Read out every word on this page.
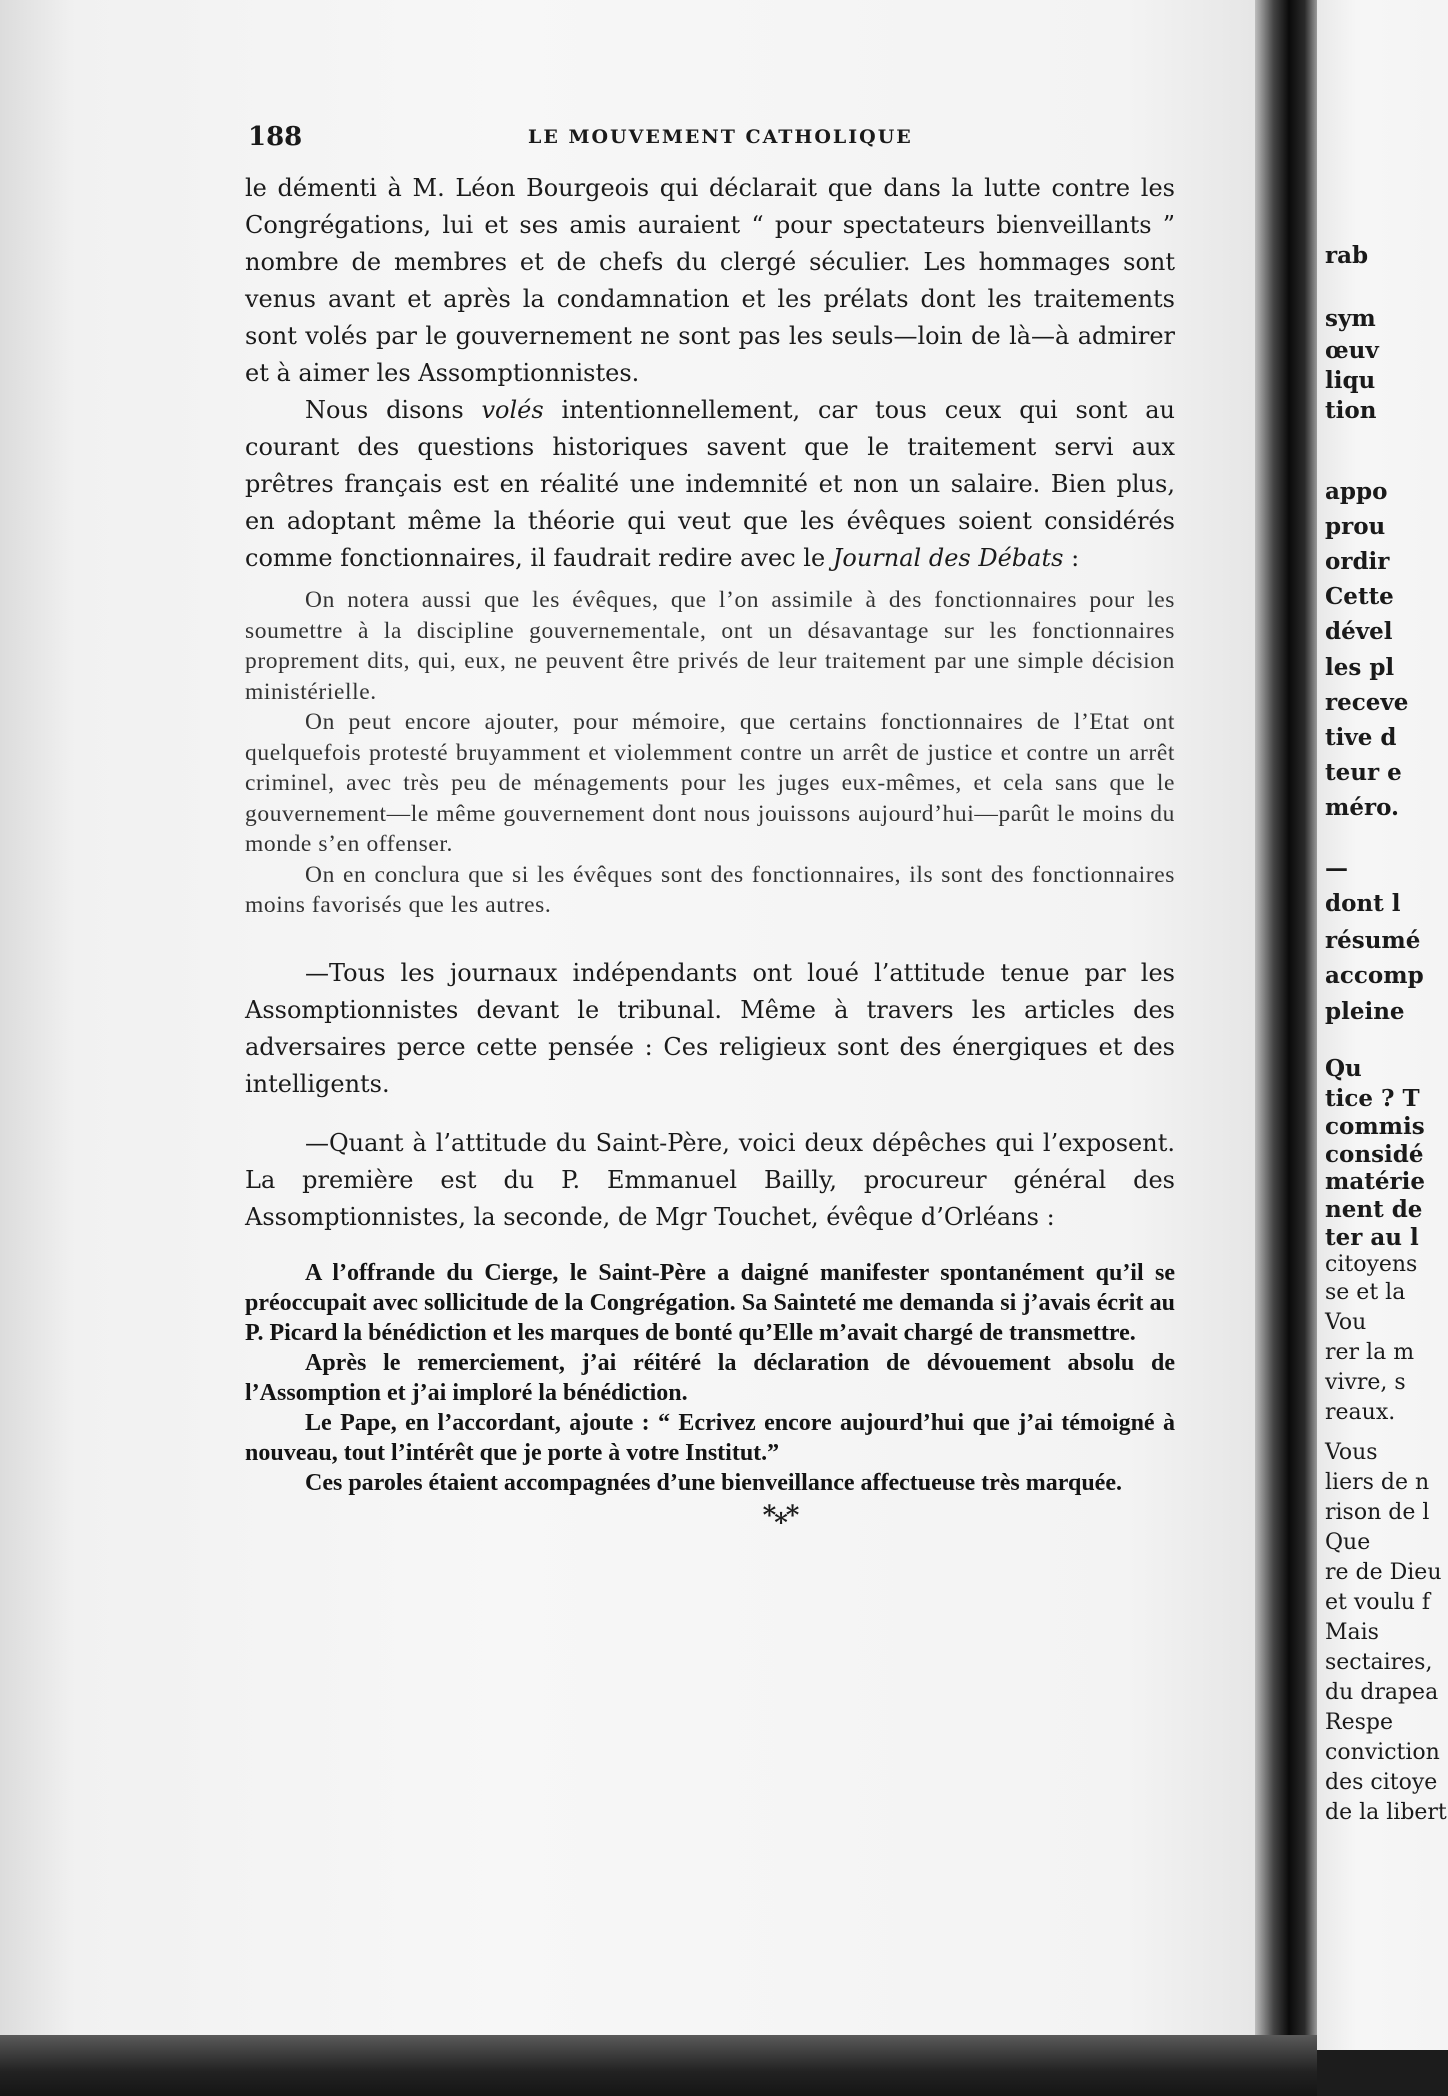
188	LE MOUVEMENT CATHOLIQUE

le démenti à M. Léon Bourgeois qui déclarait que dans la lutte contre les Congrégations, lui et ses amis auraient “ pour spectateurs bienveillants ” nombre de membres et de chefs du clergé séculier. Les hommages sont venus avant et après la condamnation et les prélats dont les traitements sont volés par le gouvernement ne sont pas les seuls—loin de là—à admirer et à aimer les Assomptionnistes.

Nous disons volés intentionnellement, car tous ceux qui sont au courant des questions historiques savent que le traitement servi aux prêtres français est en réalité une indemnité et non un salaire. Bien plus, en adoptant même la théorie qui veut que les évêques soient considérés comme fonctionnaires, il faudrait redire avec le Journal des Débats :

On notera aussi que les évêques, que l’on assimile à des fonctionnaires pour les soumettre à la discipline gouvernementale, ont un désavantage sur les fonctionnaires proprement dits, qui, eux, ne peuvent être privés de leur traitement par une simple décision ministérielle.

On peut encore ajouter, pour mémoire, que certains fonctionnaires de l’Etat ont quelquefois protesté bruyamment et violemment contre un arrêt de justice et contre un arrêt criminel, avec très peu de ménagements pour les juges eux-mêmes, et cela sans que le gouvernement—le même gouvernement dont nous jouissons aujourd’hui—parût le moins du monde s’en offenser.

On en conclura que si les évêques sont des fonctionnaires, ils sont des fonctionnaires moins favorisés que les autres.

—Tous les journaux indépendants ont loué l’attitude tenue par les Assomptionnistes devant le tribunal. Même à travers les articles des adversaires perce cette pensée : Ces religieux sont des énergiques et des intelligents.

—Quant à l’attitude du Saint-Père, voici deux dépêches qui l’exposent. La première est du P. Emmanuel Bailly, procureur général des Assomptionnistes, la seconde, de Mgr Touchet, évêque d’Orléans :

A l’offrande du Cierge, le Saint-Père a daigné manifester spontanément qu’il se préoccupait avec sollicitude de la Congrégation. Sa Sainteté me demanda si j’avais écrit au P. Picard la bénédiction et les marques de bonté qu’Elle m’avait chargé de transmettre.

Après le remerciement, j’ai réitéré la déclaration de dévouement absolu de l’Assomption et j’ai imploré la bénédiction.

Le Pape, en l’accordant, ajoute : “ Ecrivez encore aujourd’hui que j’ai témoigné à nouveau, tout l’intérêt que je porte à votre Institut.”

Ces paroles étaient accompagnées d’une bienveillance affectueuse très marquée.

*⁎*

rab
sym
œuv
liqu
tion
appo
prou
ordir
Cette
dével
les pl
receve
tive d
teur e
méro.
—
dont l
résumé
accomp
pleine
Qu
tice ? T
commis
considé
matérie
nent de
ter au l
citoyens
se et la
Vou
rer la m
vivre, s
reaux.
Vous
liers de n
rison de l
Que
re de Dieu
et voulu f
Mais
sectaires,
du drapea
Respe
conviction
des citoye
de la libert
